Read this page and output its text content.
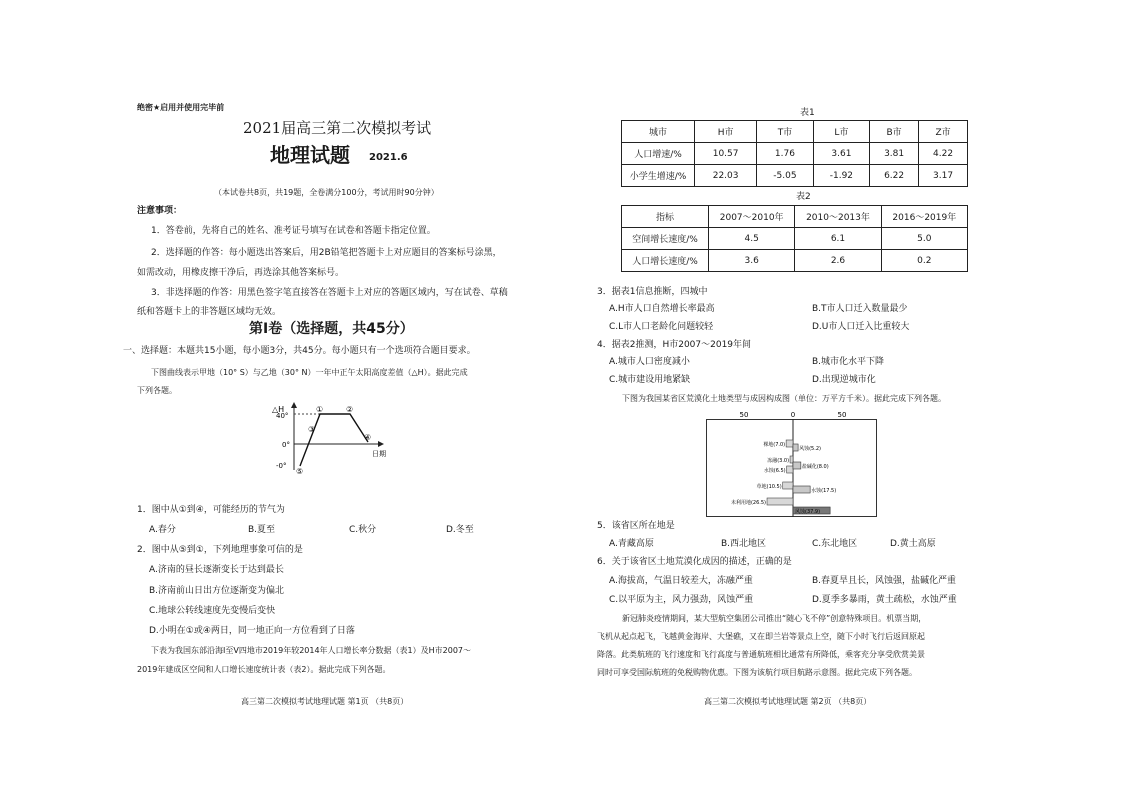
绝密★启用并使用完毕前
2021届高三第二次模拟考试
地理试题 2021.6
（本试卷共8页，共19题，全卷满分100分，考试用时90分钟）
注意事项：
1．答卷前，先将自己的姓名、准考证号填写在试卷和答题卡指定位置。
2．选择题的作答：每小题选出答案后，用2B铅笔把答题卡上对应题目的答案标号涂黑，
如需改动，用橡皮擦干净后，再选涂其他答案标号。
3．非选择题的作答：用黑色签字笔直接答在答题卡上对应的答题区域内，写在试卷、草稿
纸和答题卡上的非答题区域均无效。
第Ⅰ卷（选择题，共45分）
一、选择题：本题共15小题，每小题3分，共45分。每小题只有一个选项符合题目要求。
下图曲线表示甲地（10° S）与乙地（30° N）一年中正午太阳高度差值（△H）。据此完成
下列各题。
△H
40°
0°
-0°
日期
①	②
③
④
⑤
1．图中从①到④，可能经历的节气为
A.春分	B.夏至	C.秋分	D.冬至
2．图中从⑤到①，下列地理事象可信的是
A.济南的昼长逐渐变长于达到最长
B.济南前山日出方位逐渐变为偏北
C.地球公转线速度先变慢后变快
D.小明在①或④两日，同一地正向一方位看到了日落
下表为我国东部沿海Ⅰ至Ⅴ四地市2019年较2014年人口增长率分数据（表1）及H市2007～
2019年建成区空间和人口增长速度统计表（表2）。据此完成下列各题。
高三第二次模拟考试地理试题 第1页 （共8页）
表1
城市	H市	T市	L市	B市	Z市
人口增速/%	10.57	1.76	3.61	3.81	4.22
小学生增速/%	22.03	-5.05	-1.92	6.22	3.17
表2
指标	2007～2010年	2010～2013年	2016～2019年
空间增长速度/%	4.5	6.1	5.0
人口增长速度/%	3.6	2.6	0.2
3．据表1信息推断，四城中
A.H市人口自然增长率最高	B.T市人口迁入数量最少
C.L市人口老龄化问题较轻	D.U市人口迁入比重较大
4．据表2推测，H市2007～2019年间
A.城市人口密度减小	B.城市化水平下降
C.城市建设用地紧缺	D.出现逆城市化
下图为我国某省区荒漠化土地类型与成因构成图（单位：万平方千米）。据此完成下列各题。
50	0	50
裸地(7.0)
冻融(3.0)
水蚀(6.5)
草地(10.5)
未利用地(26.5)
风蚀(5.2)
盐碱化(8.0)
水蚀(17.5)
风蚀(37.9)
5．该省区所在地是
A.青藏高原	B.西北地区	C.东北地区	D.黄土高原
6．关于该省区土地荒漠化成因的描述，正确的是
A.海拔高，气温日较差大，冻融严重	B.春夏旱且长，风蚀强，盐碱化严重
C.以平原为主，风力强劲，风蚀严重	D.夏季多暴雨，黄土疏松，水蚀严重
新冠肺炎疫情期间，某大型航空集团公司推出“随心飞不停”创意特殊项目。机票当期，
飞机从起点起飞，飞越黄金海岸、大堡礁，又在即兰岩等景点上空，随下小时飞行后返回原起
降落。此类航班的飞行速度和飞行高度与普通航班相比通常有所降低，乘客充分享受欣赏美景
同时可享受国际航班的免税购物优惠。下图为该航行项目航路示意图。据此完成下列各题。
高三第二次模拟考试地理试题 第2页 （共8页）
